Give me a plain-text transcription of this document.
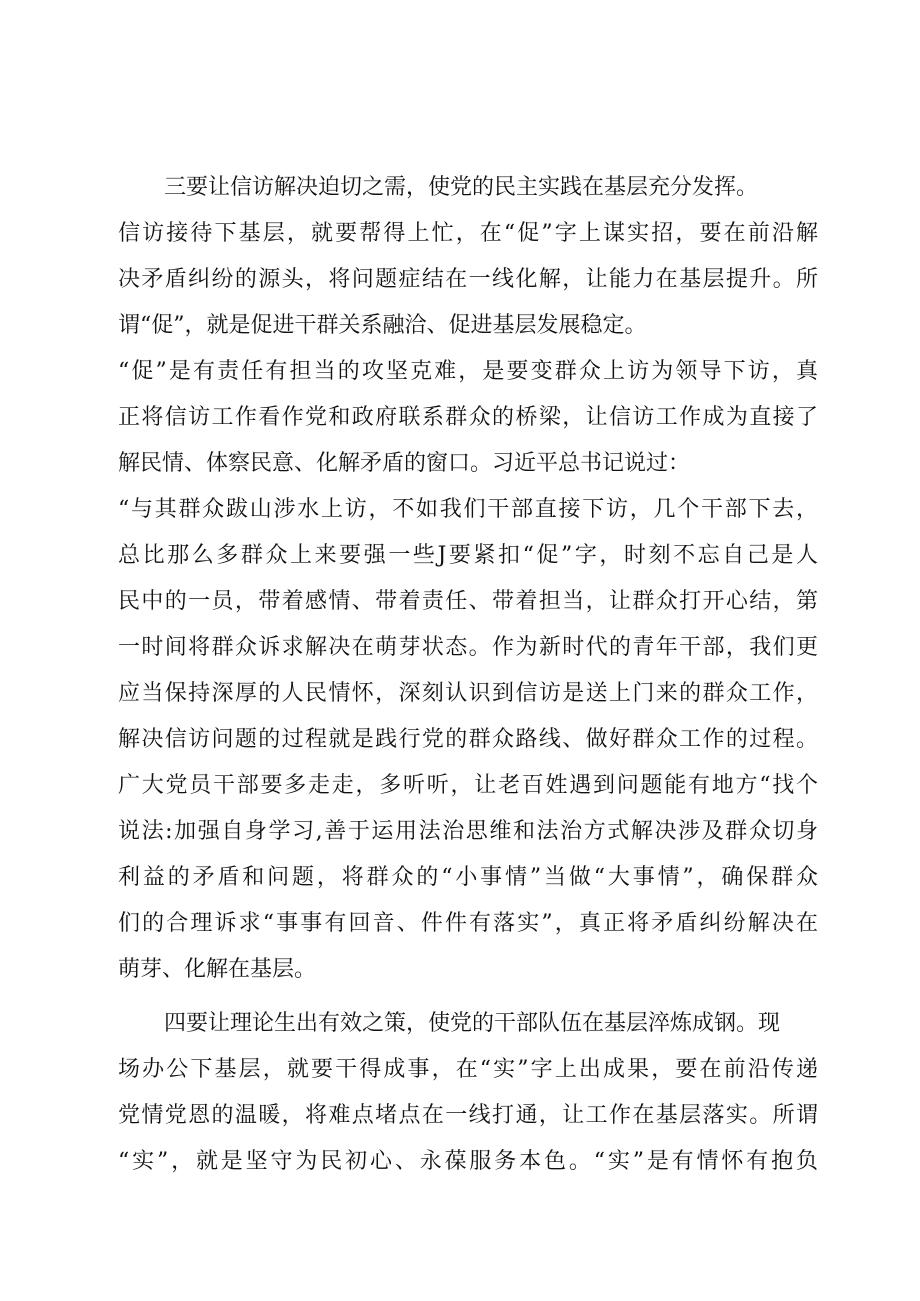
三要让信访解决迫切之需，使党的民主实践在基层充分发挥。
信访接待下基层，就要帮得上忙，在“促”字上谋实招，要在前沿解
决矛盾纠纷的源头，将问题症结在一线化解，让能力在基层提升。所
谓“促”，就是促进干群关系融洽、促进基层发展稳定。
“促”是有责任有担当的攻坚克难，是要变群众上访为领导下访，真
正将信访工作看作党和政府联系群众的桥梁，让信访工作成为直接了
解民情、体察民意、化解矛盾的窗口。习近平总书记说过：
“与其群众跋山涉水上访，不如我们干部直接下访，几个干部下去，
总比那么多群众上来要强一些J要紧扣“促”字，时刻不忘自己是人
民中的一员，带着感情、带着责任、带着担当，让群众打开心结，第
一时间将群众诉求解决在萌芽状态。作为新时代的青年干部，我们更
应当保持深厚的人民情怀，深刻认识到信访是送上门来的群众工作，
解决信访问题的过程就是践行党的群众路线、做好群众工作的过程。
广大党员干部要多走走，多听听，让老百姓遇到问题能有地方“找个
说法:加强自身学习,善于运用法治思维和法治方式解决涉及群众切身
利益的矛盾和问题，将群众的“小事情”当做“大事情”，确保群众
们的合理诉求“事事有回音、件件有落实”，真正将矛盾纠纷解决在
萌芽、化解在基层。
四要让理论生出有效之策，使党的干部队伍在基层淬炼成钢。现
场办公下基层，就要干得成事，在“实”字上出成果，要在前沿传递
党情党恩的温暖，将难点堵点在一线打通，让工作在基层落实。所谓
“实”，就是坚守为民初心、永葆服务本色。“实”是有情怀有抱负
